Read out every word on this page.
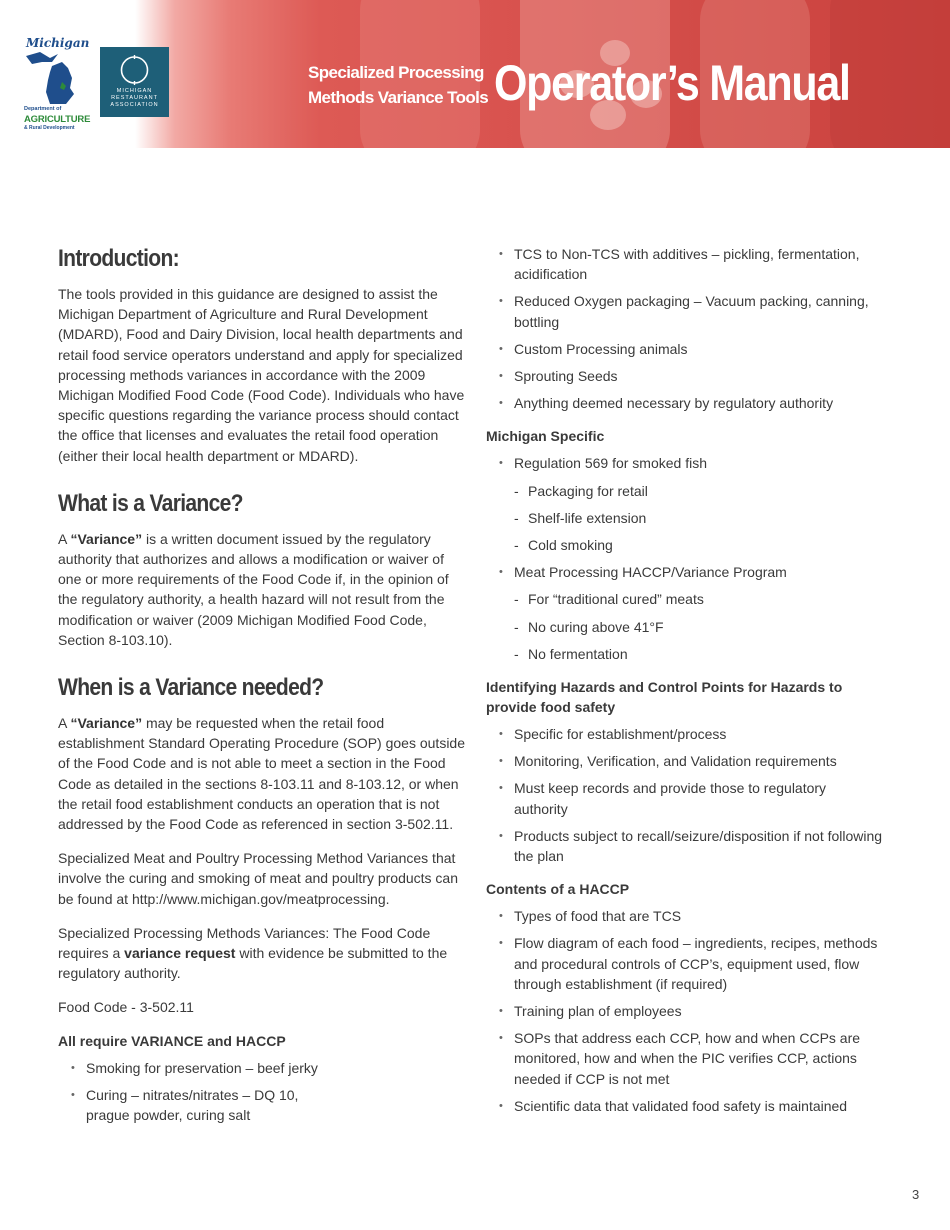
Michigan
Department of
AGRICULTURE
& Rural Development
MICHIGAN RESTAURANT ASSOCIATION
Specialized Processing
Methods Variance Tools Operator’s Manual
Introduction:

The tools provided in this guidance are designed to assist the Michigan Department of Agriculture and Rural Development (MDARD), Food and Dairy Division, local health departments and retail food service operators understand and apply for specialized processing methods variances in accordance with the 2009 Michigan Modified Food Code (Food Code). Individuals who have specific questions regarding the variance process should contact the office that licenses and evaluates the retail food operation (either their local health department or MDARD).

What is a Variance?

A “Variance” is a written document issued by the regulatory authority that authorizes and allows a modification or waiver of one or more requirements of the Food Code if, in the opinion of the regulatory authority, a health hazard will not result from the modification or waiver (2009 Michigan Modified Food Code, Section 8-103.10).

When is a Variance needed?

A “Variance” may be requested when the retail food establishment Standard Operating Procedure (SOP) goes outside of the Food Code and is not able to meet a section in the Food Code as detailed in the sections 8-103.11 and 8-103.12, or when the retail food establishment conducts an operation that is not addressed by the Food Code as referenced in section 3-502.11.

Specialized Meat and Poultry Processing Method Variances that involve the curing and smoking of meat and poultry products can be found at http://www.michigan.gov/meatprocessing.

Specialized Processing Methods Variances: The Food Code requires a variance request with evidence be submitted to the regulatory authority.

Food Code - 3-502.11

All require VARIANCE and HACCP
• Smoking for preservation – beef jerky
• Curing – nitrates/nitrates – DQ 10, prague powder, curing salt
• TCS to Non-TCS with additives – pickling, fermentation, acidification
• Reduced Oxygen packaging – Vacuum packing, canning, bottling
• Custom Processing animals
• Sprouting Seeds
• Anything deemed necessary by regulatory authority
Michigan Specific
• Regulation 569 for smoked fish
- Packaging for retail
- Shelf-life extension
- Cold smoking
• Meat Processing HACCP/Variance Program
- For “traditional cured” meats
- No curing above 41°F
- No fermentation
Identifying Hazards and Control Points for Hazards to provide food safety
• Specific for establishment/process
• Monitoring, Verification, and Validation requirements
• Must keep records and provide those to regulatory authority
• Products subject to recall/seizure/disposition if not following the plan
Contents of a HACCP
• Types of food that are TCS
• Flow diagram of each food – ingredients, recipes, methods and procedural controls of CCP’s, equipment used, flow through establishment (if required)
• Training plan of employees
• SOPs that address each CCP, how and when CCPs are monitored, how and when the PIC verifies CCP, actions needed if CCP is not met
• Scientific data that validated food safety is maintained
3
